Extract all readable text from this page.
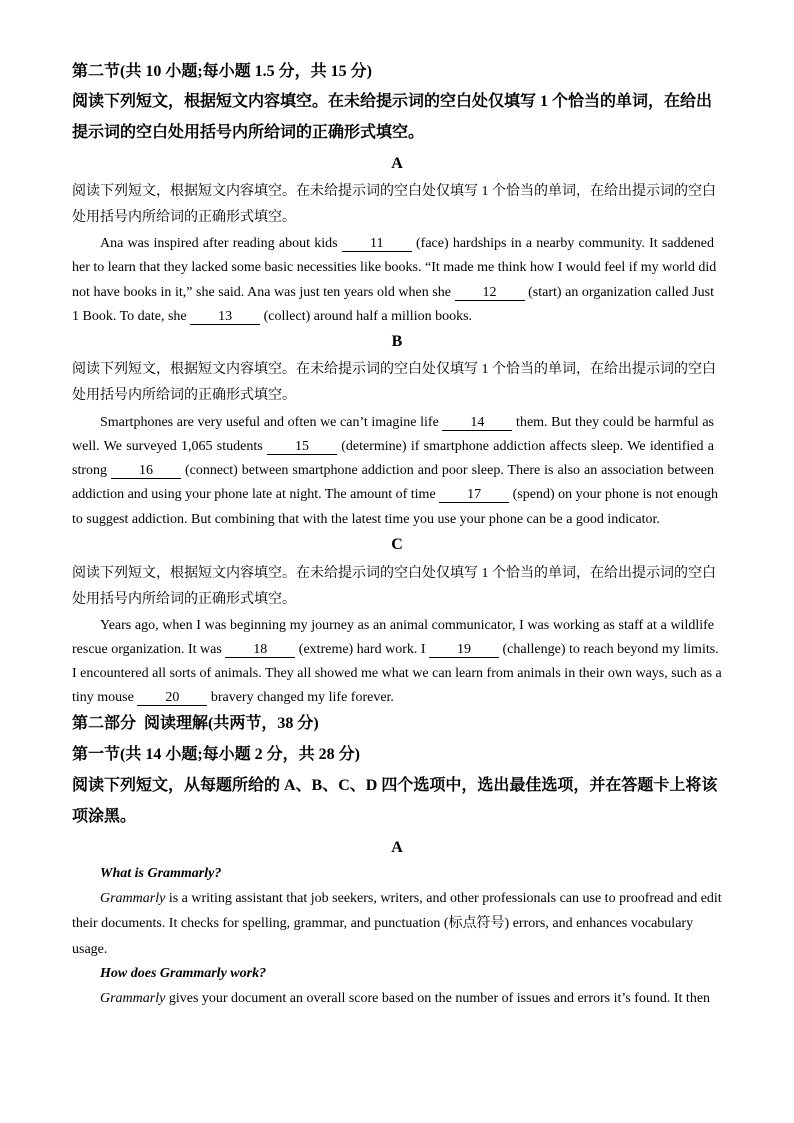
第二节(共 10 小题;每小题 1.5 分，共 15 分)
阅读下列短文，根据短文内容填空。在未给提示词的空白处仅填写 1 个恰当的单词，在给出
提示词的空白处用括号内所给词的正确形式填空。
A
阅读下列短文，根据短文内容填空。在未给提示词的空白处仅填写 1 个恰当的单词，在给出提示词的空白
处用括号内所给词的正确形式填空。
Ana was inspired after reading about kids 11 (face) hardships in a nearby community. It saddened
her to learn that they lacked some basic necessities like books. “It made me think how I would feel if my world did
not have books in it,” she said. Ana was just ten years old when she 12 (start) an organization called Just
1 Book. To date, she 13 (collect) around half a million books.
B
阅读下列短文，根据短文内容填空。在未给提示词的空白处仅填写 1 个恰当的单词，在给出提示词的空白
处用括号内所给词的正确形式填空。
Smartphones are very useful and often we can’t imagine life 14 them. But they could be harmful as
well. We surveyed 1,065 students 15 (determine) if smartphone addiction affects sleep. We identified a
strong 16 (connect) between smartphone addiction and poor sleep. There is also an association between
addiction and using your phone late at night. The amount of time 17 (spend) on your phone is not enough
to suggest addiction. But combining that with the latest time you use your phone can be a good indicator.
C
阅读下列短文，根据短文内容填空。在未给提示词的空白处仅填写 1 个恰当的单词，在给出提示词的空白
处用括号内所给词的正确形式填空。
Years ago, when I was beginning my journey as an animal communicator, I was working as staff at a wildlife
rescue organization. It was 18 (extreme) hard work. I 19 (challenge) to reach beyond my limits.
I encountered all sorts of animals. They all showed me what we can learn from animals in their own ways, such as a
tiny mouse 20 bravery changed my life forever.
第二部分  阅读理解(共两节，38 分)
第一节(共 14 小题;每小题 2 分，共 28 分)
阅读下列短文，从每题所给的 A、B、C、D 四个选项中，选出最佳选项，并在答题卡上将该
项涂黑。
A
What is Grammarly?
Grammarly is a writing assistant that job seekers, writers, and other professionals can use to proofread and edit
their documents. It checks for spelling, grammar, and punctuation (标点符号) errors, and enhances vocabulary
usage.
How does Grammarly work?
Grammarly gives your document an overall score based on the number of issues and errors it’s found. It then
